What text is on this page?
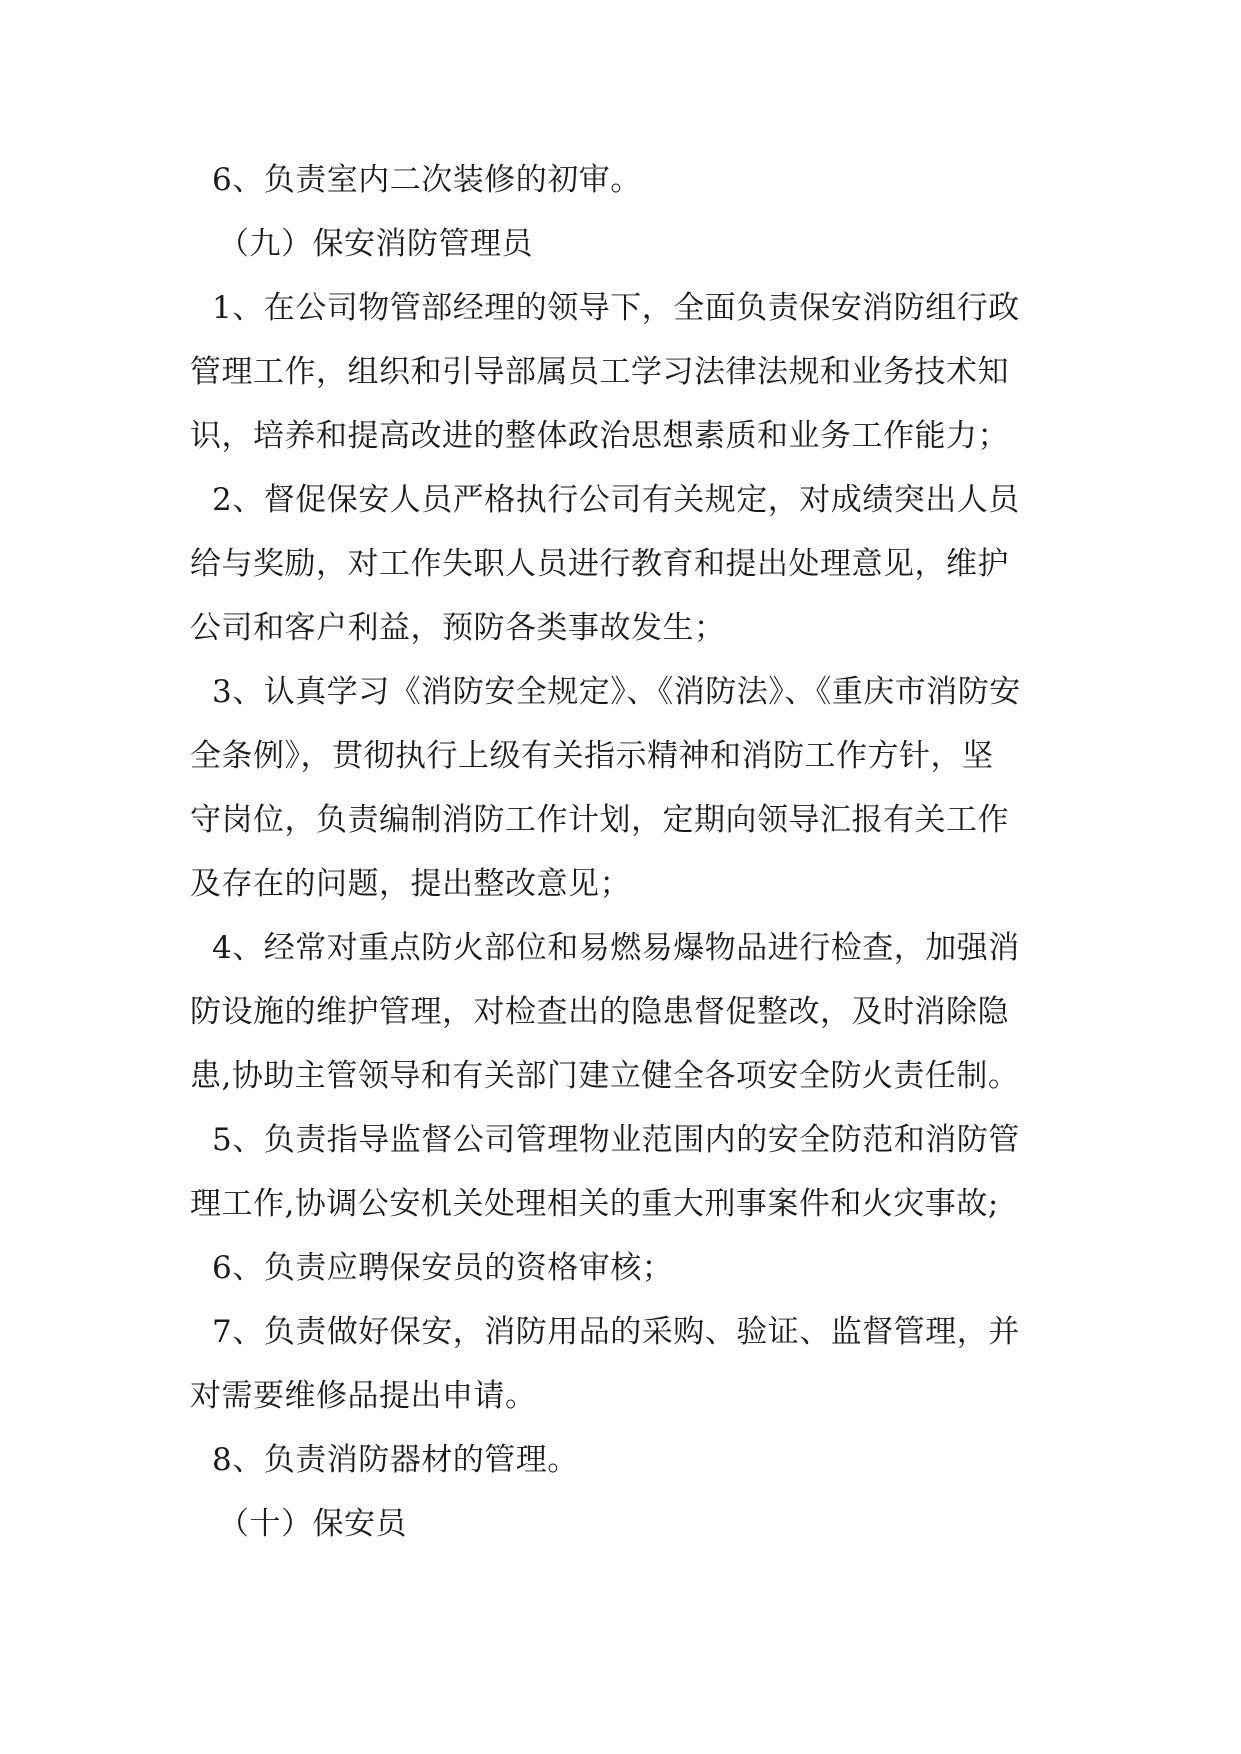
6、负责室内二次装修的初审。
（九）保安消防管理员
1、在公司物管部经理的领导下，全面负责保安消防组行政
管理工作，组织和引导部属员工学习法律法规和业务技术知
识，培养和提高改进的整体政治思想素质和业务工作能力；
2、督促保安人员严格执行公司有关规定，对成绩突出人员
给与奖励，对工作失职人员进行教育和提出处理意见，维护
公司和客户利益，预防各类事故发生；
3、认真学习《消防安全规定》、《消防法》、《重庆市消防安
全条例》，贯彻执行上级有关指示精神和消防工作方针，坚
守岗位，负责编制消防工作计划，定期向领导汇报有关工作
及存在的问题，提出整改意见；
4、经常对重点防火部位和易燃易爆物品进行检查，加强消
防设施的维护管理，对检查出的隐患督促整改，及时消除隐
患,协助主管领导和有关部门建立健全各项安全防火责任制。
5、负责指导监督公司管理物业范围内的安全防范和消防管
理工作,协调公安机关处理相关的重大刑事案件和火灾事故;
6、负责应聘保安员的资格审核；
7、负责做好保安，消防用品的采购、验证、监督管理，并
对需要维修品提出申请。
8、负责消防器材的管理。
（十）保安员
